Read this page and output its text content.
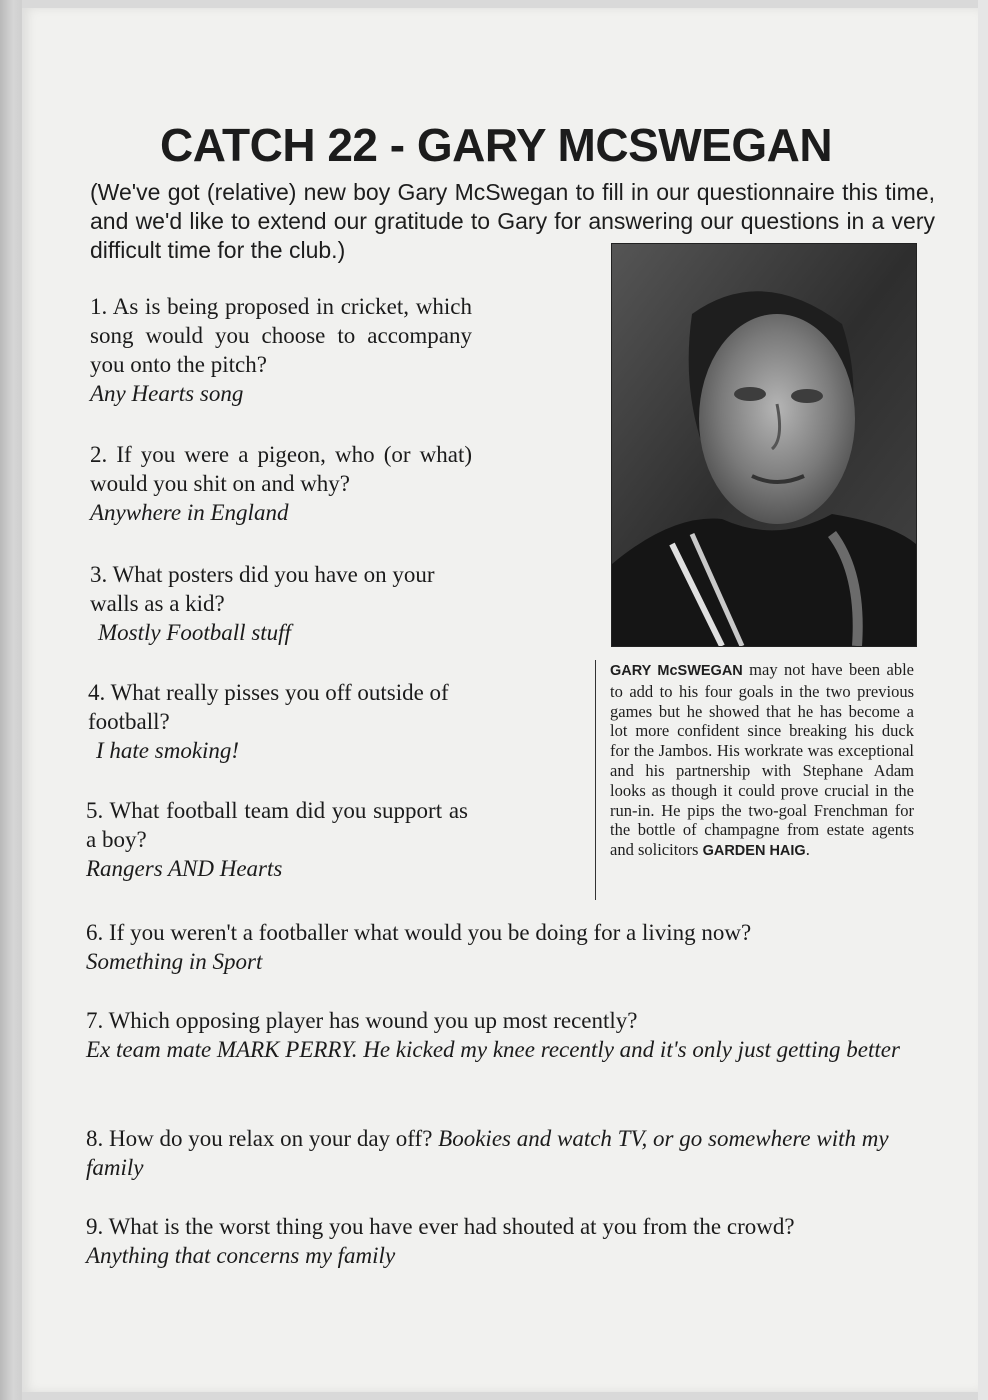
CATCH 22 - GARY MCSWEGAN
(We've got (relative) new boy Gary McSwegan to fill in our questionnaire this time, and we'd like to extend our gratitude to Gary for answering our questions in a very difficult time for the club.)
GARY McSWEGAN may not have been able to add to his four goals in the two previous games but he showed that he has become a lot more confident since breaking his duck for the Jambos. His workrate was exceptional and his partnership with Stephane Adam looks as though it could prove crucial in the run-in. He pips the two-goal Frenchman for the bottle of champagne from estate agents and solicitors GARDEN HAIG.
1. As is being proposed in cricket, which song would you choose to accompany you onto the pitch?
Any Hearts song
2. If you were a pigeon, who (or what) would you shit on and why?
Anywhere in England
3. What posters did you have on your walls as a kid?
Mostly Football stuff
4. What really pisses you off outside of football?
I hate smoking!
5. What football team did you support as a boy?
Rangers AND Hearts
6. If you weren't a footballer what would you be doing for a living now?
Something in Sport
7. Which opposing player has wound you up most recently?
Ex team mate MARK PERRY. He kicked my knee recently and it's only just getting better
8. How do you relax on your day off? Bookies and watch TV, or go somewhere with my family
9. What is the worst thing you have ever had shouted at you from the crowd?
Anything that concerns my family
